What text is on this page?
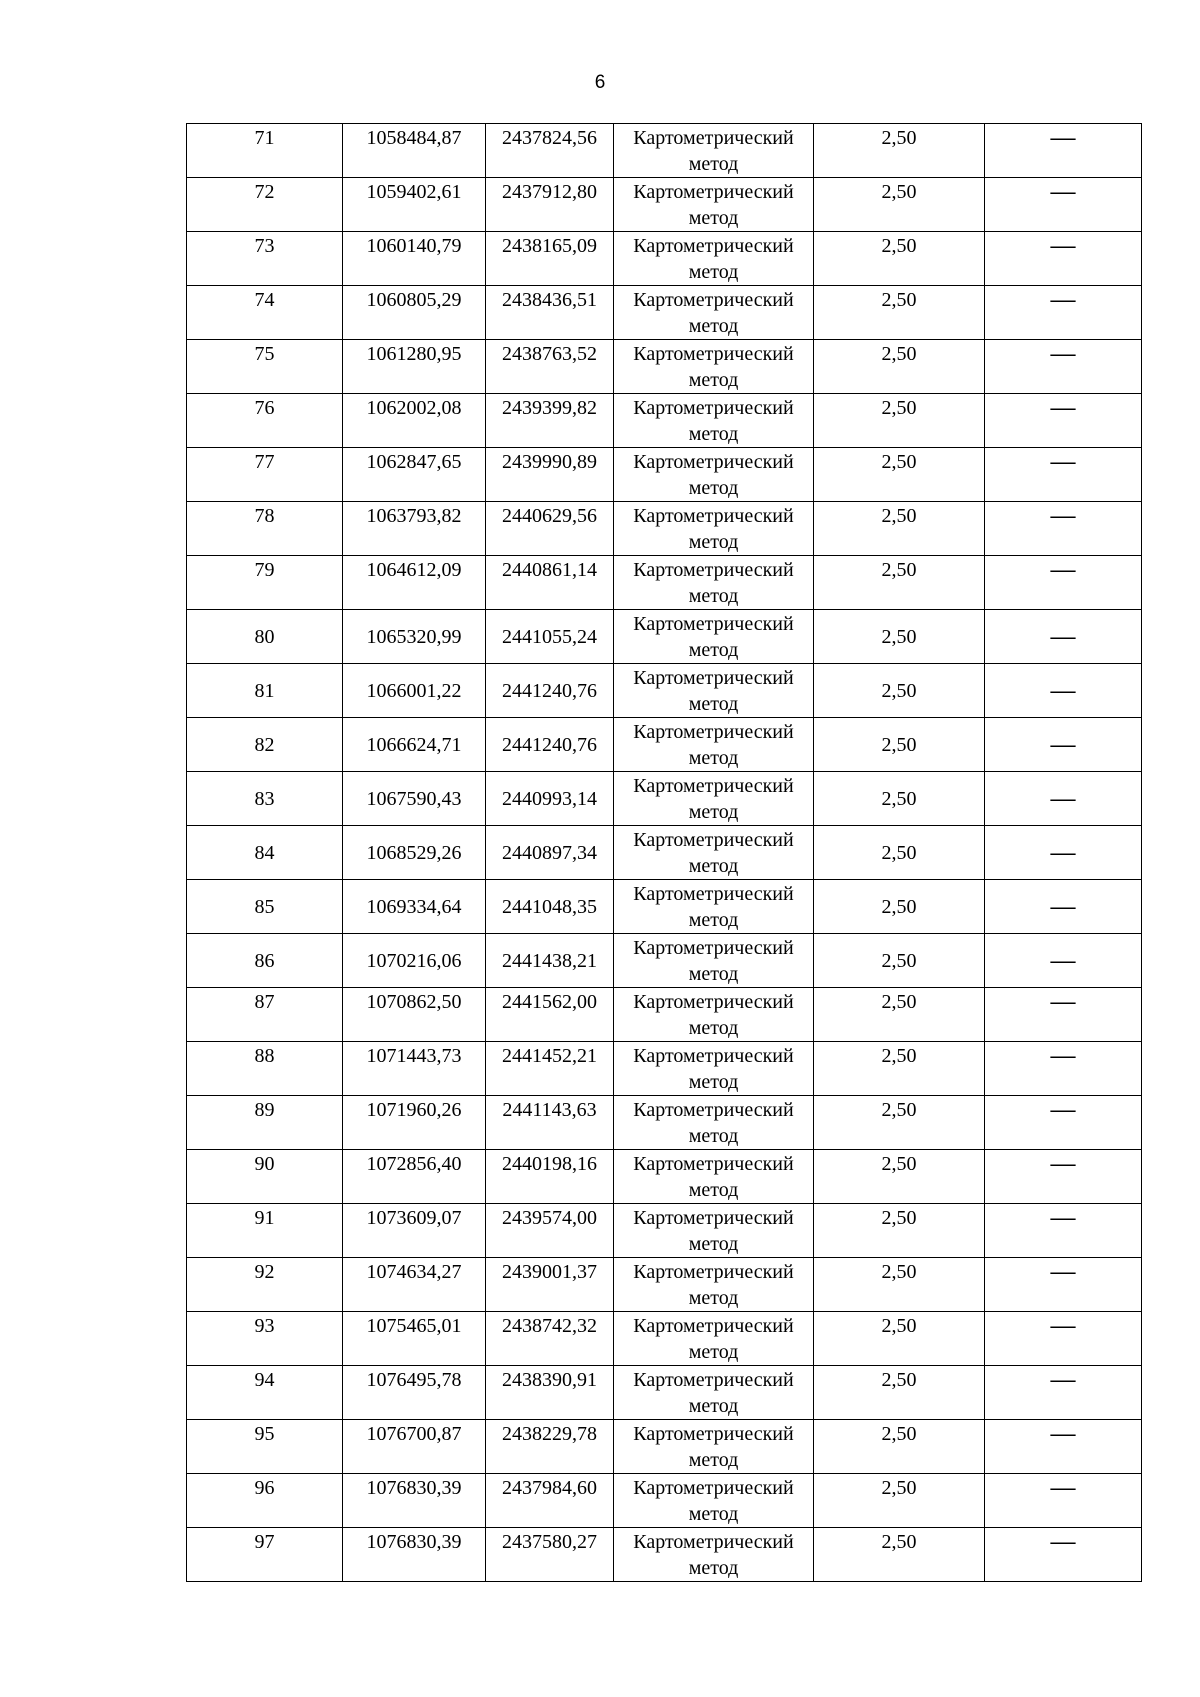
6
71	1058484,87	2437824,56	Картометрический метод	2,50	—
72	1059402,61	2437912,80	Картометрический метод	2,50	—
73	1060140,79	2438165,09	Картометрический метод	2,50	—
74	1060805,29	2438436,51	Картометрический метод	2,50	—
75	1061280,95	2438763,52	Картометрический метод	2,50	—
76	1062002,08	2439399,82	Картометрический метод	2,50	—
77	1062847,65	2439990,89	Картометрический метод	2,50	—
78	1063793,82	2440629,56	Картометрический метод	2,50	—
79	1064612,09	2440861,14	Картометрический метод	2,50	—
80	1065320,99	2441055,24	Картометрический метод	2,50	—
81	1066001,22	2441240,76	Картометрический метод	2,50	—
82	1066624,71	2441240,76	Картометрический метод	2,50	—
83	1067590,43	2440993,14	Картометрический метод	2,50	—
84	1068529,26	2440897,34	Картометрический метод	2,50	—
85	1069334,64	2441048,35	Картометрический метод	2,50	—
86	1070216,06	2441438,21	Картометрический метод	2,50	—
87	1070862,50	2441562,00	Картометрический метод	2,50	—
88	1071443,73	2441452,21	Картометрический метод	2,50	—
89	1071960,26	2441143,63	Картометрический метод	2,50	—
90	1072856,40	2440198,16	Картометрический метод	2,50	—
91	1073609,07	2439574,00	Картометрический метод	2,50	—
92	1074634,27	2439001,37	Картометрический метод	2,50	—
93	1075465,01	2438742,32	Картометрический метод	2,50	—
94	1076495,78	2438390,91	Картометрический метод	2,50	—
95	1076700,87	2438229,78	Картометрический метод	2,50	—
96	1076830,39	2437984,60	Картометрический метод	2,50	—
97	1076830,39	2437580,27	Картометрический метод	2,50	—
